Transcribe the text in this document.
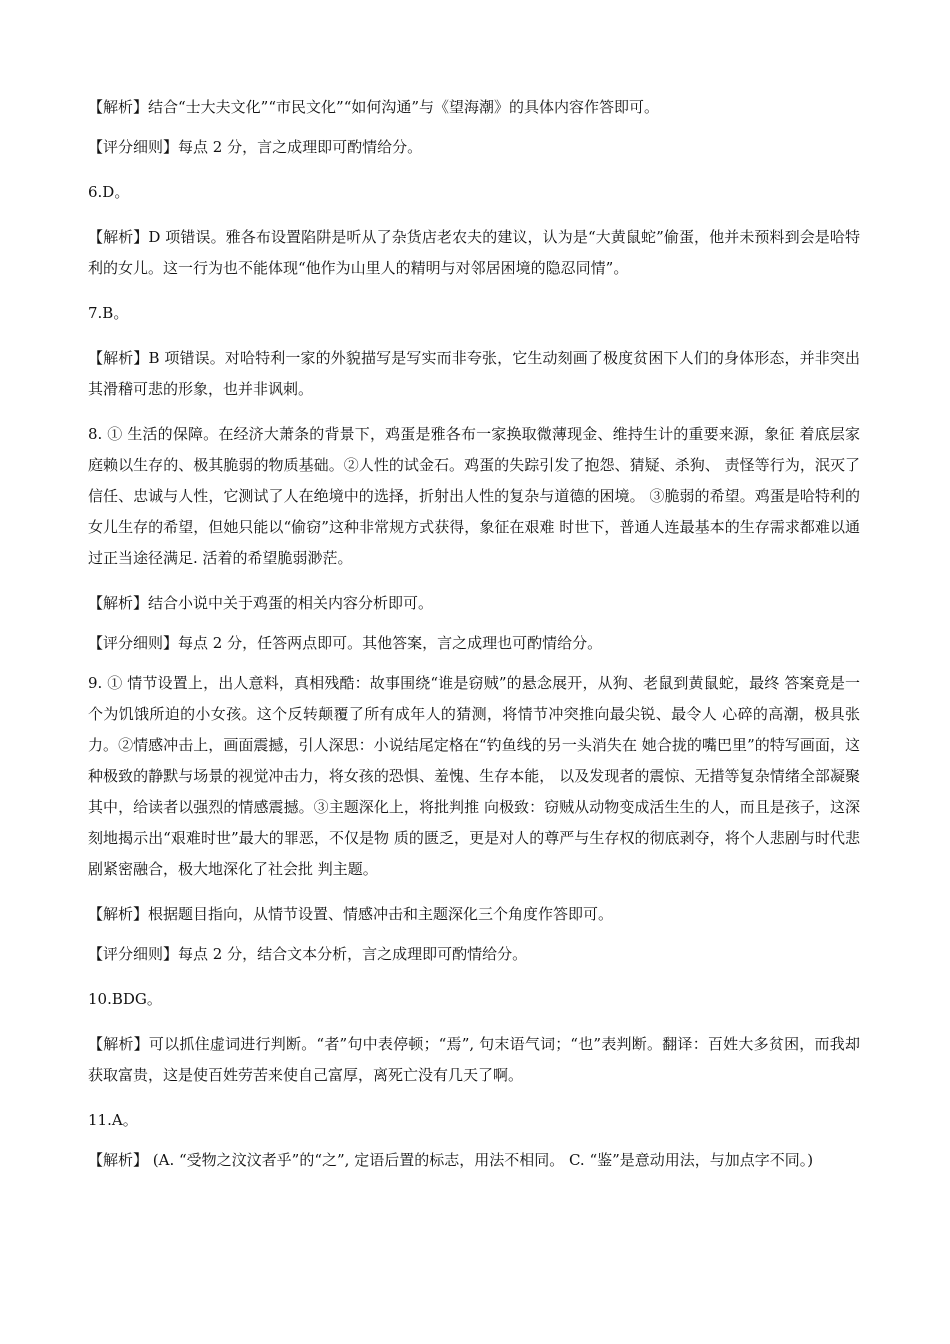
【解析】结合“士大夫文化”“市民文化”“如何沟通”与《望海潮》的具体内容作答即可。

【评分细则】每点 2 分，言之成理即可酌情给分。

6.D。

【解析】D 项错误。雅各布设置陷阱是听从了杂货店老农夫的建议，认为是“大黄鼠蛇”偷蛋，他并未预料到会是哈特利的女儿。这一行为也不能体现“他作为山里人的精明与对邻居困境的隐忍同情”。

7.B。

【解析】B 项错误。对哈特利一家的外貌描写是写实而非夸张，它生动刻画了极度贫困下人们的身体形态，并非突出其滑稽可悲的形象，也并非讽刺。

8. ① 生活的保障。在经济大萧条的背景下，鸡蛋是雅各布一家换取微薄现金、维持生计的重要来源，象征 着底层家庭赖以生存的、极其脆弱的物质基础。②人性的试金石。鸡蛋的失踪引发了抱怨、猜疑、杀狗、 责怪等行为，泯灭了信任、忠诚与人性，它测试了人在绝境中的选择，折射出人性的复杂与道德的困境。 ③脆弱的希望。鸡蛋是哈特利的女儿生存的希望，但她只能以“偷窃”这种非常规方式获得，象征在艰难 时世下，普通人连最基本的生存需求都难以通过正当途径满足. 活着的希望脆弱渺茫。

【解析】结合小说中关于鸡蛋的相关内容分析即可。

【评分细则】每点 2 分，任答两点即可。其他答案，言之成理也可酌情给分。

9. ① 情节设置上，出人意料，真相残酷：故事围绕“谁是窃贼”的悬念展开，从狗、老鼠到黄鼠蛇，最终 答案竟是一个为饥饿所迫的小女孩。这个反转颠覆了所有成年人的猜测，将情节冲突推向最尖锐、最令人 心碎的高潮，极具张力。②情感冲击上，画面震撼，引人深思：小说结尾定格在“钓鱼线的另一头消失在 她合拢的嘴巴里”的特写画面，这种极致的静默与场景的视觉冲击力，将女孩的恐惧、羞愧、生存本能， 以及发现者的震惊、无措等复杂情绪全部凝聚其中，给读者以强烈的情感震撼。③主题深化上，将批判推 向极致：窃贼从动物变成活生生的人，而且是孩子，这深刻地揭示出“艰难时世”最大的罪恶，不仅是物 质的匮乏，更是对人的尊严与生存权的彻底剥夺，将个人悲剧与时代悲剧紧密融合，极大地深化了社会批 判主题。

【解析】根据题目指向，从情节设置、情感冲击和主题深化三个角度作答即可。

【评分细则】每点 2 分，结合文本分析，言之成理即可酌情给分。

10.BDG。

【解析】可以抓住虚词进行判断。“者”句中表停顿；“焉”, 句末语气词；“也”表判断。翻译：百姓大多贫困，而我却获取富贵，这是使百姓劳苦来使自己富厚，离死亡没有几天了啊。

11.A。

【解析】 (A. “受物之汶汶者乎”的“之”, 定语后置的标志，用法不相同。 C. “鉴”是意动用法，与加点字不同。)
